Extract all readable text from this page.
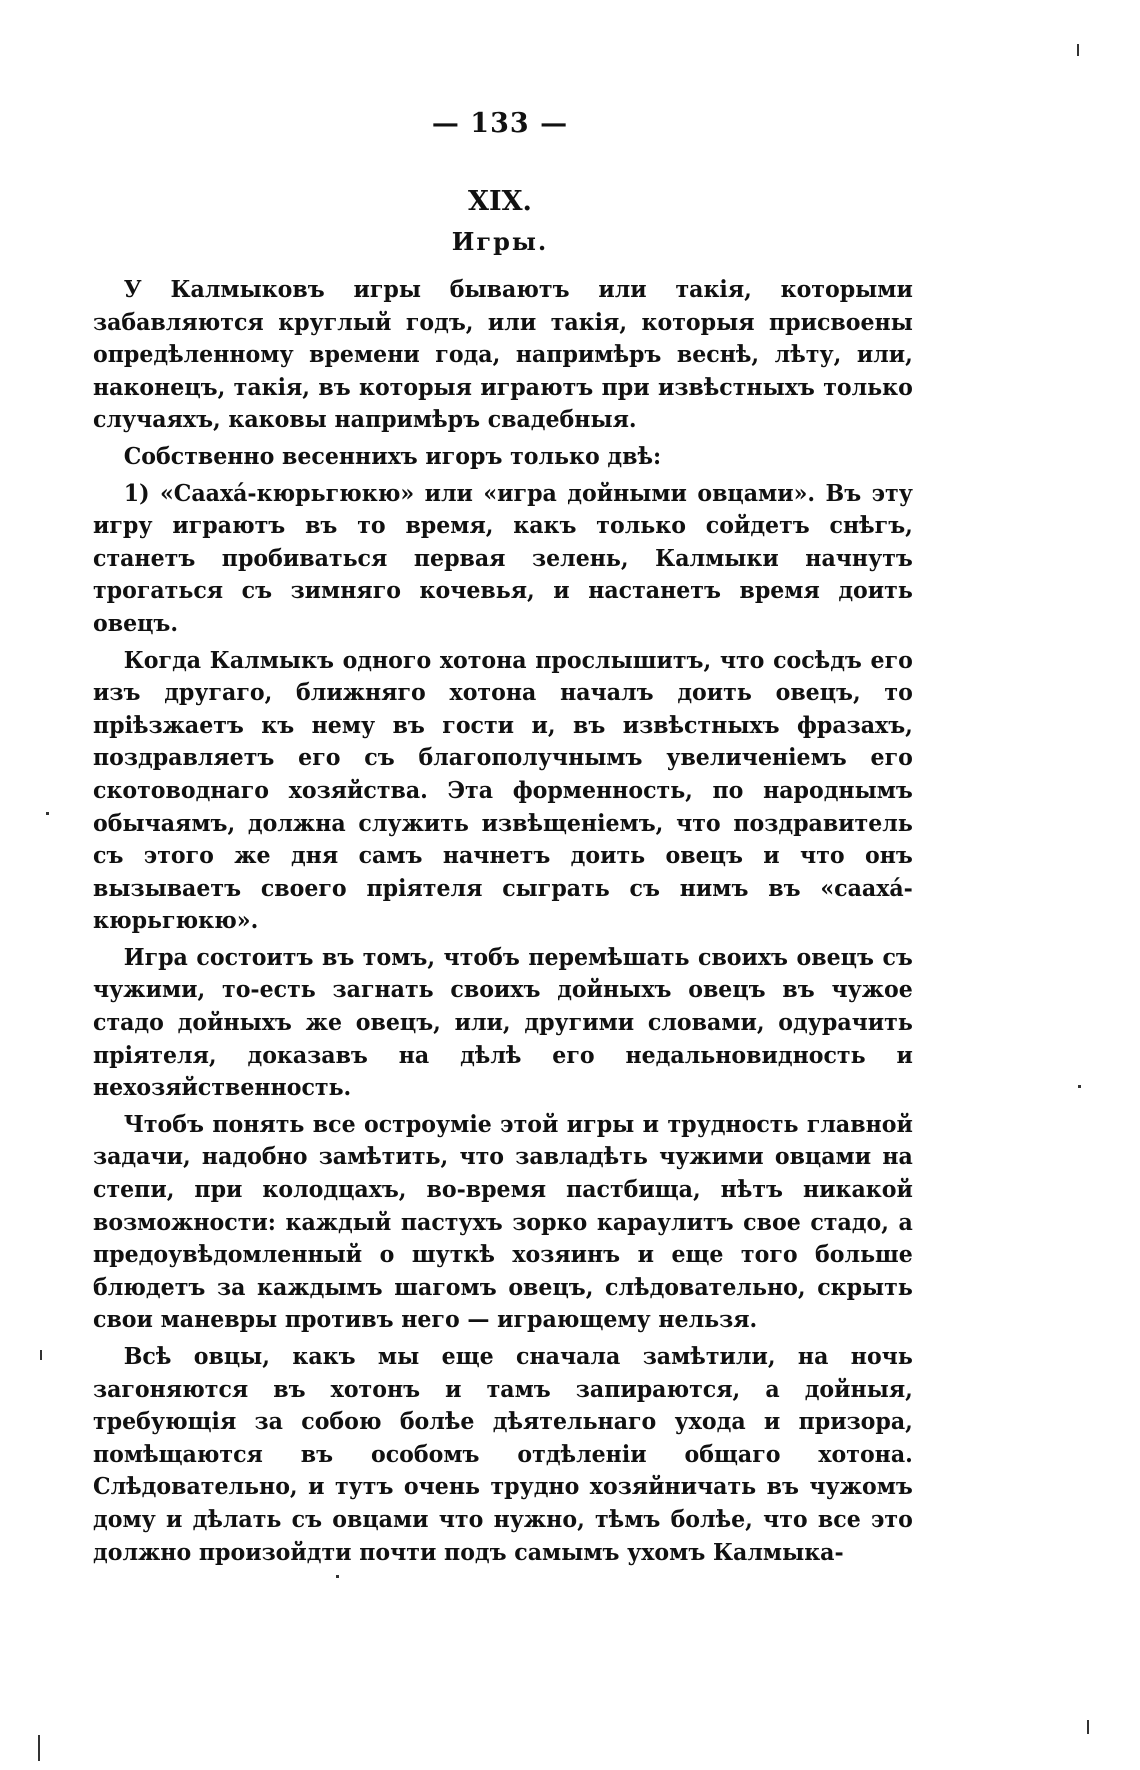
— 133 —
XIX.
Игры.

У Калмыковъ игры бываютъ или такія, которыми забавляются круглый годъ, или такія, которыя присвоены опредѣленному времени года, напримѣръ веснѣ, лѣту, или, наконецъ, такія, въ которыя играютъ при извѣстныхъ только случаяхъ, каковы напримѣръ свадебныя.

Собственно весеннихъ игоръ только двѣ:

1) «Сааха́-кюрьгюкю» или «игра дойными овцами». Въ эту игру играютъ въ то время, какъ только сойдетъ снѣгъ, станетъ пробиваться первая зелень, Калмыки начнутъ трогаться съ зимняго кочевья, и настанетъ время доить овецъ.

Когда Калмыкъ одного хотона прослышитъ, что сосѣдъ его изъ другаго, ближняго хотона началъ доить овецъ, то пріѣзжаетъ къ нему въ гости и, въ извѣстныхъ фразахъ, поздравляетъ его съ благополучнымъ увеличеніемъ его скотоводнаго хозяйства. Эта форменность, по народнымъ обычаямъ, должна служить извѣщеніемъ, что поздравитель съ этого же дня самъ начнетъ доить овецъ и что онъ вызываетъ своего пріятеля сыграть съ нимъ въ «сааха́-кюрьгюкю».

Игра состоитъ въ томъ, чтобъ перемѣшать своихъ овецъ съ чужими, то-есть загнать своихъ дойныхъ овецъ въ чужое стадо дойныхъ же овецъ, или, другими словами, одурачить пріятеля, доказавъ на дѣлѣ его недальновидность и нехозяйственность.

Чтобъ понять все остроуміе этой игры и трудность главной задачи, надобно замѣтить, что завладѣть чужими овцами на степи, при колодцахъ, во-время пастбища, нѣтъ никакой возможности: каждый пастухъ зорко караулитъ свое стадо, а предоувѣдомленный о шуткѣ хозяинъ и еще того больше блюдетъ за каждымъ шагомъ овецъ, слѣдовательно, скрыть свои маневры противъ него — играющему нельзя.

Всѣ овцы, какъ мы еще сначала замѣтили, на ночь загоняются въ хотонъ и тамъ запираются, а дойныя, требующія за собою болѣе дѣятельнаго ухода и призора, помѣщаются въ особомъ отдѣленіи общаго хотона. Слѣдовательно, и тутъ очень трудно хозяйничать въ чужомъ дому и дѣлать съ овцами что нужно, тѣмъ болѣе, что все это должно произойдти почти подъ самымъ ухомъ Калмыка-
